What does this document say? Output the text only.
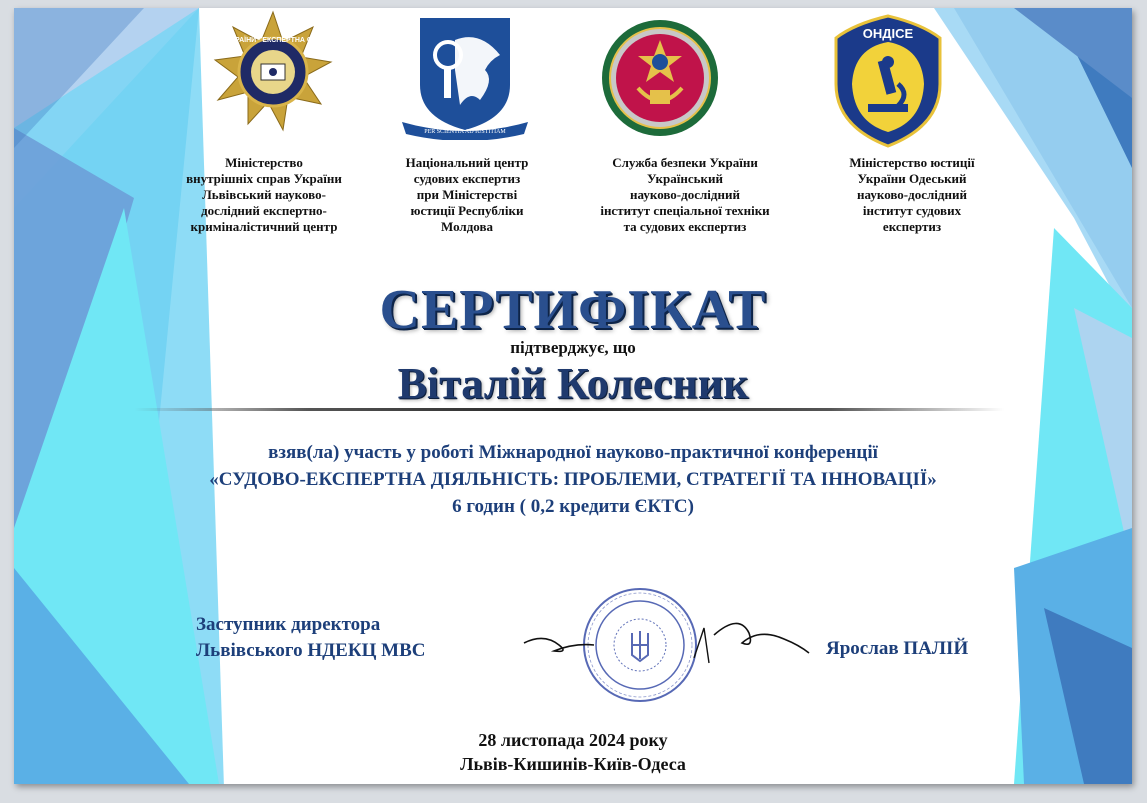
МВС УКРАЇНИ · ЕКСПЕРТНА СЛУЖБА
PER SCIENTIA AD IUSTITIAM
ОНДІСЕ
Міністерство
внутрішніх справ України
Львівський науково-
дослідний експертно-
криміналістичний центр
Національний центр
судових експертиз
при Міністерстві
юстиції Республіки
Молдова
Служба безпеки України
Український
науково-дослідний
інститут спеціальної техніки
та судових експертиз
Міністерство юстиції
України Одеський
науково-дослідний
інститут судових
експертиз
СЕРТИФІКАТ
підтверджує, що
Віталій Колесник
взяв(ла) участь у роботі Міжнародної науково-практичної конференції
«СУДОВО-ЕКСПЕРТНА ДІЯЛЬНІСТЬ: ПРОБЛЕМИ, СТРАТЕГІЇ ТА ІННОВАЦІЇ»
6 годин ( 0,2 кредити ЄКТС)
Заступник директора
Львівського НДЕКЦ МВС	Ярослав ПАЛІЙ
28 листопада 2024 року
Львів-Кишинів-Київ-Одеса
